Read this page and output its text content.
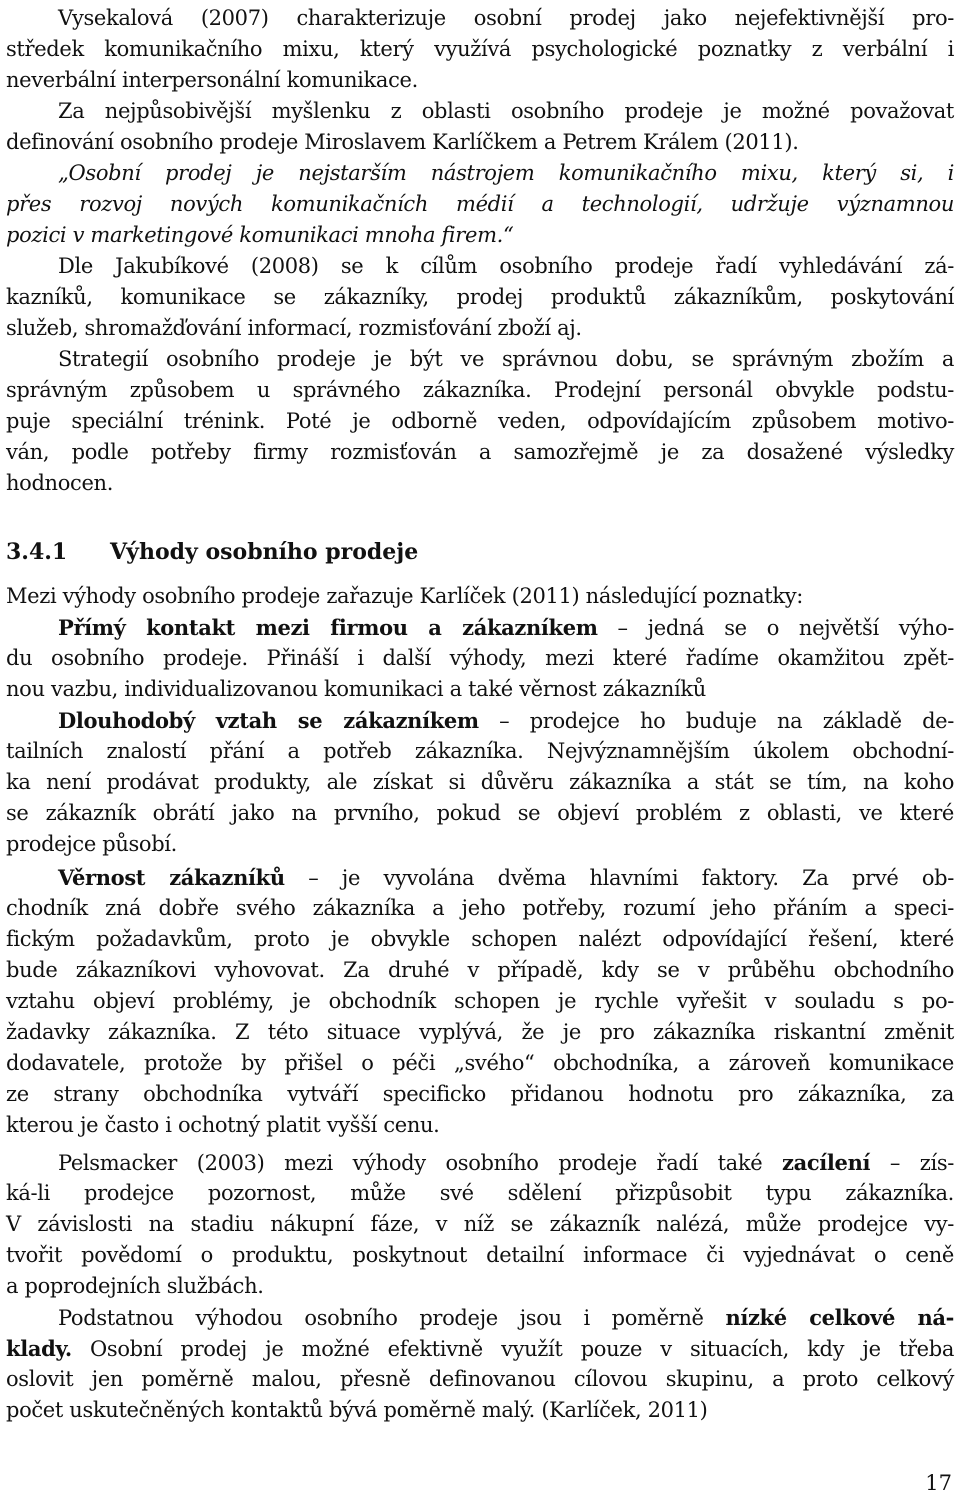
Vysekalová (2007) charakterizuje osobní prodej jako nejefektivnější pro-
středek komunikačního mixu, který využívá psychologické poznatky z verbální i
neverbální interpersonální komunikace.
Za nejpůsobivější myšlenku z oblasti osobního prodeje je možné považovat
definování osobního prodeje Miroslavem Karlíčkem a Petrem Králem (2011).
„Osobní prodej je nejstarším nástrojem komunikačního mixu, který si, i
přes rozvoj nových komunikačních médií a technologií, udržuje významnou
pozici v marketingové komunikaci mnoha firem.“
Dle Jakubíkové (2008) se k cílům osobního prodeje řadí vyhledávání zá-
kazníků, komunikace se zákazníky, prodej produktů zákazníkům, poskytování
služeb, shromažďování informací, rozmisťování zboží aj.
Strategií osobního prodeje je být ve správnou dobu, se správným zbožím a
správným způsobem u správného zákazníka. Prodejní personál obvykle podstu-
puje speciální trénink. Poté je odborně veden, odpovídajícím způsobem motivo-
ván, podle potřeby firmy rozmisťován a samozřejmě je za dosažené výsledky
hodnocen.
3.4.1 Výhody osobního prodeje
Mezi výhody osobního prodeje zařazuje Karlíček (2011) následující poznatky:
Přímý kontakt mezi firmou a zákazníkem – jedná se o největší výho-
du osobního prodeje. Přináší i další výhody, mezi které řadíme okamžitou zpět-
nou vazbu, individualizovanou komunikaci a také věrnost zákazníků
Dlouhodobý vztah se zákazníkem – prodejce ho buduje na základě de-
tailních znalostí přání a potřeb zákazníka. Nejvýznamnějším úkolem obchodní-
ka není prodávat produkty, ale získat si důvěru zákazníka a stát se tím, na koho
se zákazník obrátí jako na prvního, pokud se objeví problém z oblasti, ve které
prodejce působí.
Věrnost zákazníků – je vyvolána dvěma hlavními faktory. Za prvé ob-
chodník zná dobře svého zákazníka a jeho potřeby, rozumí jeho přáním a speci-
fickým požadavkům, proto je obvykle schopen nalézt odpovídající řešení, které
bude zákazníkovi vyhovovat. Za druhé v případě, kdy se v průběhu obchodního
vztahu objeví problémy, je obchodník schopen je rychle vyřešit v souladu s po-
žadavky zákazníka. Z této situace vyplývá, že je pro zákazníka riskantní změnit
dodavatele, protože by přišel o péči „svého“ obchodníka, a zároveň komunikace
ze strany obchodníka vytváří specificko přidanou hodnotu pro zákazníka, za
kterou je často i ochotný platit vyšší cenu.
Pelsmacker (2003) mezi výhody osobního prodeje řadí také zacílení – zís-
ká-li prodejce pozornost, může své sdělení přizpůsobit typu zákazníka.
V závislosti na stadiu nákupní fáze, v níž se zákazník nalézá, může prodejce vy-
tvořit povědomí o produktu, poskytnout detailní informace či vyjednávat o ceně
a poprodejních službách.
Podstatnou výhodou osobního prodeje jsou i poměrně nízké celkové ná-
klady. Osobní prodej je možné efektivně využít pouze v situacích, kdy je třeba
oslovit jen poměrně malou, přesně definovanou cílovou skupinu, a proto celkový
počet uskutečněných kontaktů bývá poměrně malý. (Karlíček, 2011)
17
